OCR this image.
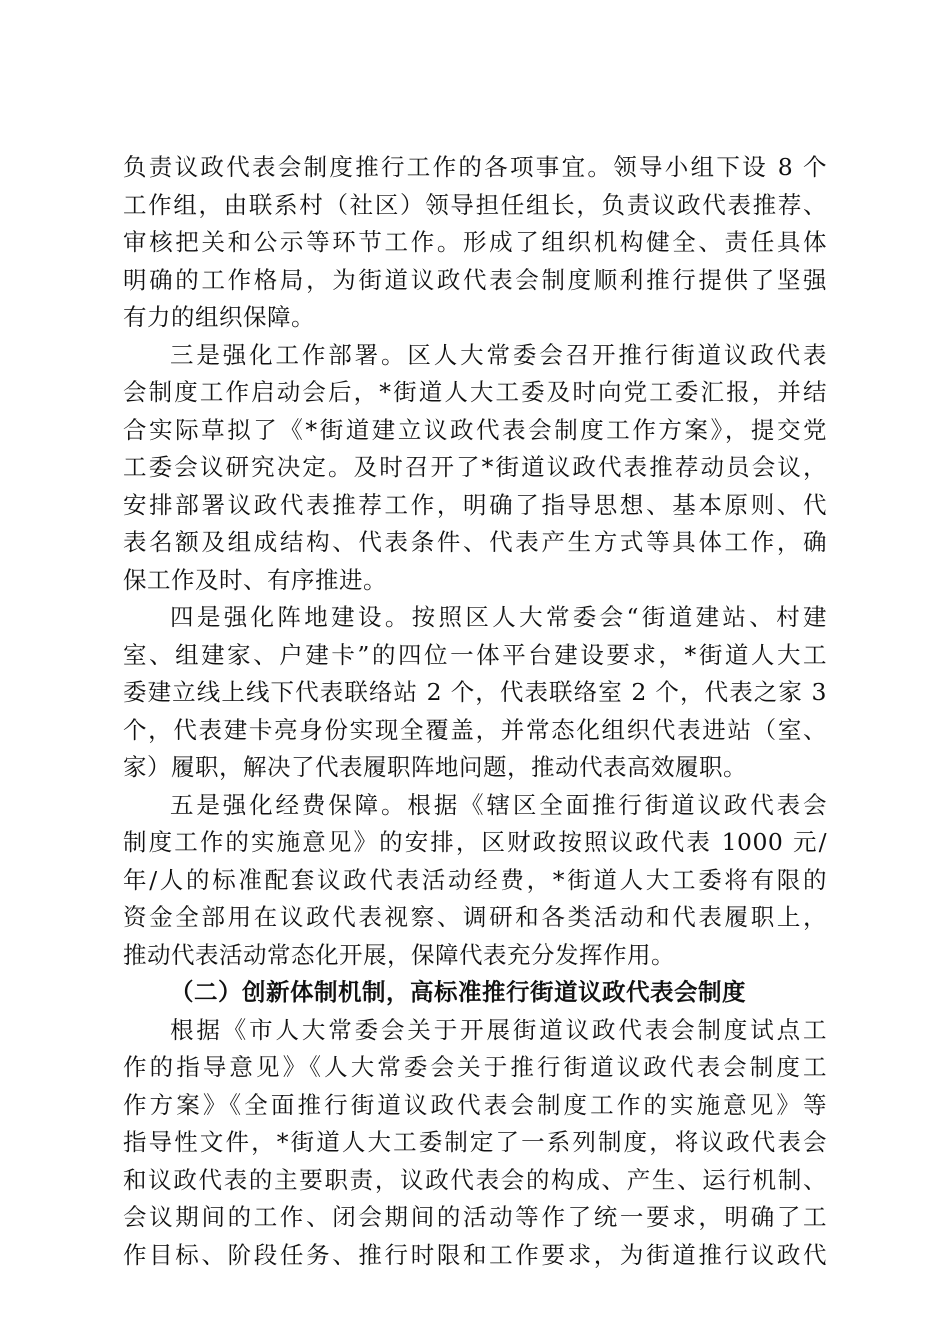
负责议政代表会制度推行工作的各项事宜。领导小组下设 8 个
工作组，由联系村（社区）领导担任组长，负责议政代表推荐、
审核把关和公示等环节工作。形成了组织机构健全、责任具体
明确的工作格局，为街道议政代表会制度顺利推行提供了坚强
有力的组织保障。
三是强化工作部署。区人大常委会召开推行街道议政代表
会制度工作启动会后，*街道人大工委及时向党工委汇报，并结
合实际草拟了《*街道建立议政代表会制度工作方案》，提交党
工委会议研究决定。及时召开了*街道议政代表推荐动员会议，
安排部署议政代表推荐工作，明确了指导思想、基本原则、代
表名额及组成结构、代表条件、代表产生方式等具体工作，确
保工作及时、有序推进。
四是强化阵地建设。按照区人大常委会“街道建站、村建
室、组建家、户建卡”的四位一体平台建设要求，*街道人大工
委建立线上线下代表联络站 2 个，代表联络室 2 个，代表之家 3
个，代表建卡亮身份实现全覆盖，并常态化组织代表进站（室、
家）履职，解决了代表履职阵地问题，推动代表高效履职。
五是强化经费保障。根据《辖区全面推行街道议政代表会
制度工作的实施意见》的安排，区财政按照议政代表 1000 元/
年/人的标准配套议政代表活动经费，*街道人大工委将有限的
资金全部用在议政代表视察、调研和各类活动和代表履职上，
推动代表活动常态化开展，保障代表充分发挥作用。
（二）创新体制机制，高标准推行街道议政代表会制度
根据《市人大常委会关于开展街道议政代表会制度试点工
作的指导意见》《人大常委会关于推行街道议政代表会制度工
作方案》《全面推行街道议政代表会制度工作的实施意见》等
指导性文件，*街道人大工委制定了一系列制度，将议政代表会
和议政代表的主要职责，议政代表会的构成、产生、运行机制、
会议期间的工作、闭会期间的活动等作了统一要求，明确了工
作目标、阶段任务、推行时限和工作要求，为街道推行议政代
